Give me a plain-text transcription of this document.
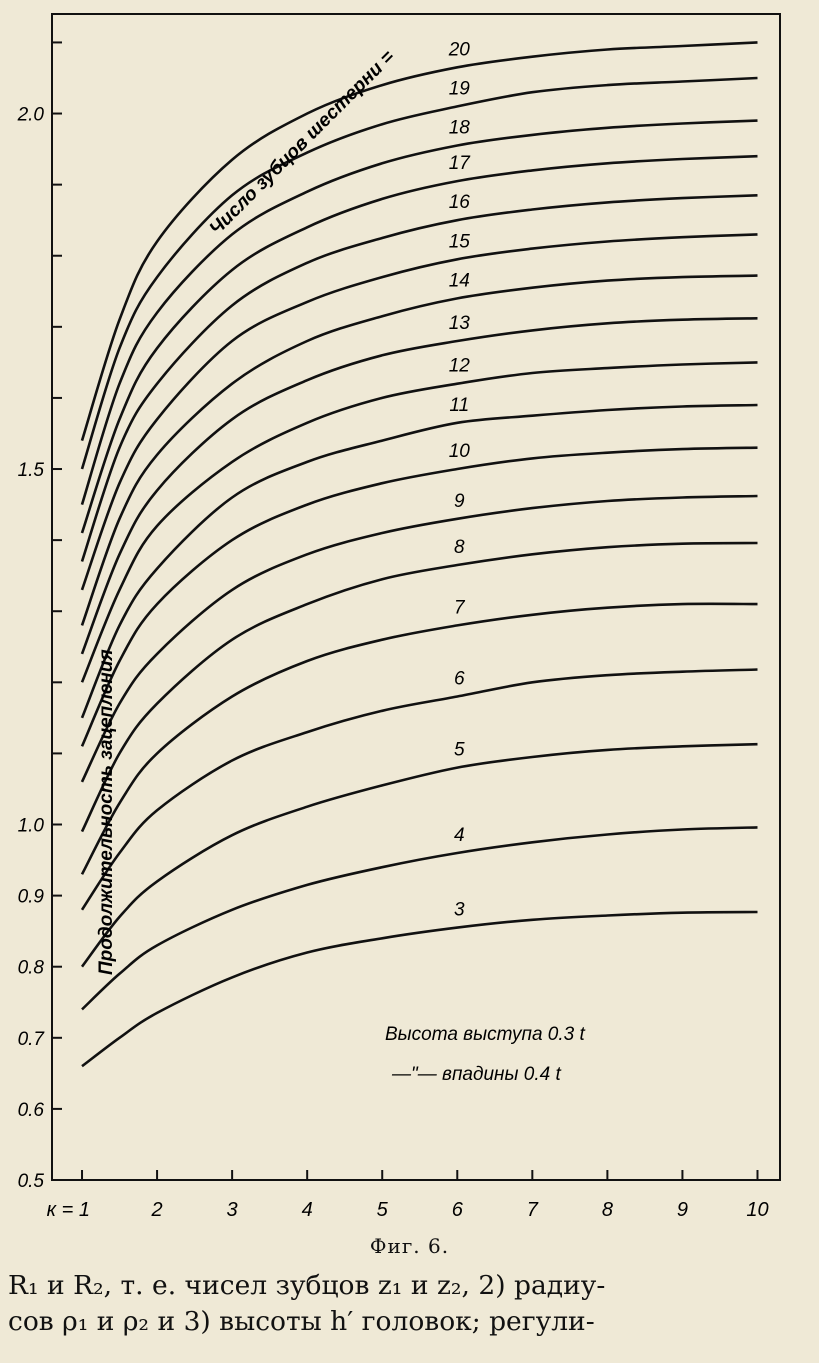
0.5
0.6
0.7
0.8
0.9
1.0
1.5
2.0
к = 1	2	3	4	5	6	7	8	9	10
3
4
5
6
7
8
9
10
11
12
13
14
15
16
17
18
19
20
Продолжительность зацепления
Число зубцов шестерни =
Высота выступа 0.3 t
—"— впадины 0.4 t
Фиг. 6.

R₁ и R₂, т. е. чисел зубцов z₁ и z₂, 2) радиу-

сов ρ₁ и ρ₂ и 3) высоты h′ головок; регули-
